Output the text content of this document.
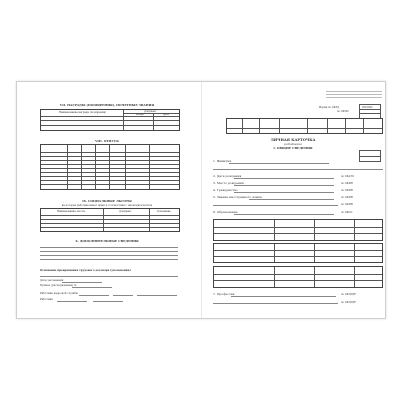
VII. НАГРАДЫ (ПООЩРЕНИЯ), ПОЧЕТНЫЕ ЗВАНИЯ
Наименование награды (поощрения)	Документ
номер	дата
VIII. ОТПУСК
IX. СОЦИАЛЬНЫЕ ЛЬГОТЫ
на которые работник имеет право в соответствии с законодательством
Наименование льготы	Документ	Основание
X. ДОПОЛНИТЕЛЬНЫЕ СВЕДЕНИЯ
Основание прекращения трудового договора (увольнения)
Дата увольнения
Приказ (распоряжение) №
Работник кадровой службы
Работник
Форма по ОКУД	0301002
по ОКПО
ЛИЧНАЯ КАРТОЧКА
работника
I. ОБЩИЕ СВЕДЕНИЯ
1. Фамилия
2. Дата рождения	по ОКАТО
3. Место рождения	по ОКИН
4. Гражданство	по ОКИН
5. Знание иностранного языка	по ОКИН
по ОКИН
6. Образование	по ОКСО
7. Профессия	по ОКПДТР
по ОКПДТР
